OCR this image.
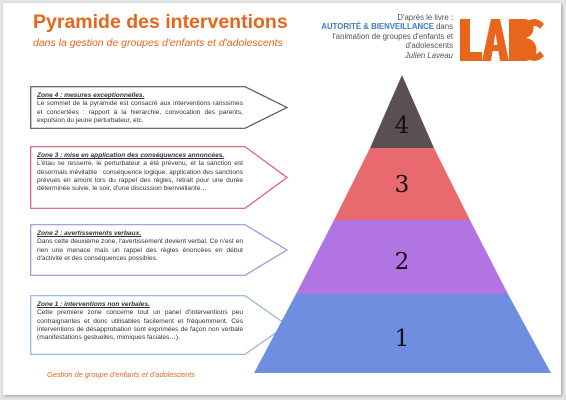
Pyramide des interventions
dans la gestion de groupes d'enfants et d'adolescents
D'après le livre :
AUTORITÉ & BIENVEILLANCE dans
l'animation de groupes d'enfants et
d'adolescents
Julien Laveau
Zone 4 : mesures exceptionnelles.
Le sommet de la pyramide est consacré aux interventions rarissimes et concertées : rapport à la hiérarchie, convocation des parents, expulsion du jeune perturbateur, etc.
Zone 3 : mise en application des conséquences annoncées.
L'étau se resserre, le perturbateur a été prévenu, et la sanction est désormais inévitable : conséquence logique, application des sanctions prévues en amont lors du rappel des règles, retrait pour une durée déterminée suivie, le soir, d'une discussion bienveillante…
Zone 2 : avertissements verbaux.
Dans cette deuxième zone, l'avertissement devient verbal. Ce n'est en rien une menace mais un rappel des règles énoncées en début d'activité et des conséquences possibles.
Zone 1 : interventions non verbales.
Cette première zone concerne tout un panel d'interventions peu contraignantes et donc utilisables facilement et fréquemment. Ces interventions de désapprobation sont exprimées de façon non verbale (manifestations gestuelles, mimiques faciales…).
4
3
2
1
Gestion de groupe d'enfants et d'adolescents
